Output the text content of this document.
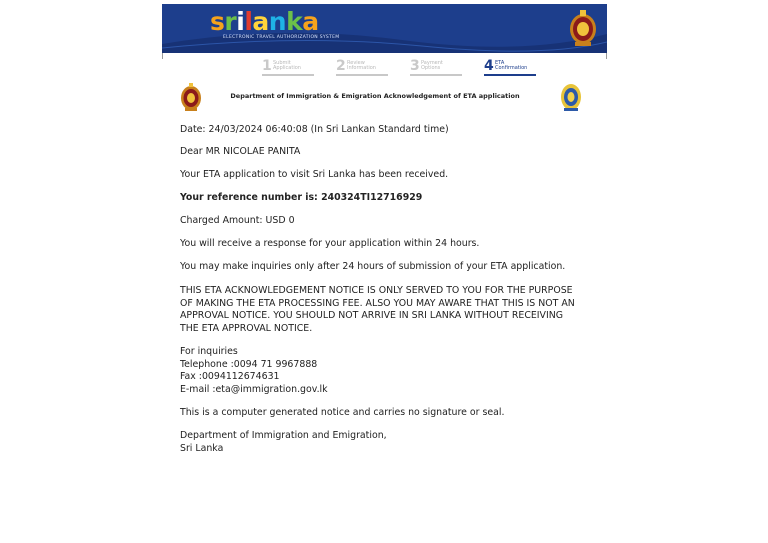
srilanka
ELECTRONIC TRAVEL AUTHORIZATION SYSTEM
1 Submit
Application	2 Review
Information 3 Payment
Options	4 ETA
Confirmation
Department of Immigration & Emigration Acknowledgement of ETA application

Date: 24/03/2024 06:40:08 (In Sri Lankan Standard time)

Dear MR NICOLAE PANITA

Your ETA application to visit Sri Lanka has been received.

Your reference number is: 240324TI12716929

Charged Amount: USD 0

You will receive a response for your application within 24 hours.

You may make inquiries only after 24 hours of submission of your ETA application.

THIS ETA ACKNOWLEDGEMENT NOTICE IS ONLY SERVED TO YOU FOR THE PURPOSE

OF MAKING THE ETA PROCESSING FEE. ALSO YOU MAY AWARE THAT THIS IS NOT AN

APPROVAL NOTICE. YOU SHOULD NOT ARRIVE IN SRI LANKA WITHOUT RECEIVING

THE ETA APPROVAL NOTICE.

For inquiries

Telephone :0094 71 9967888

Fax :0094112674631

E-mail :eta@immigration.gov.lk

This is a computer generated notice and carries no signature or seal.

Department of Immigration and Emigration,

Sri Lanka
